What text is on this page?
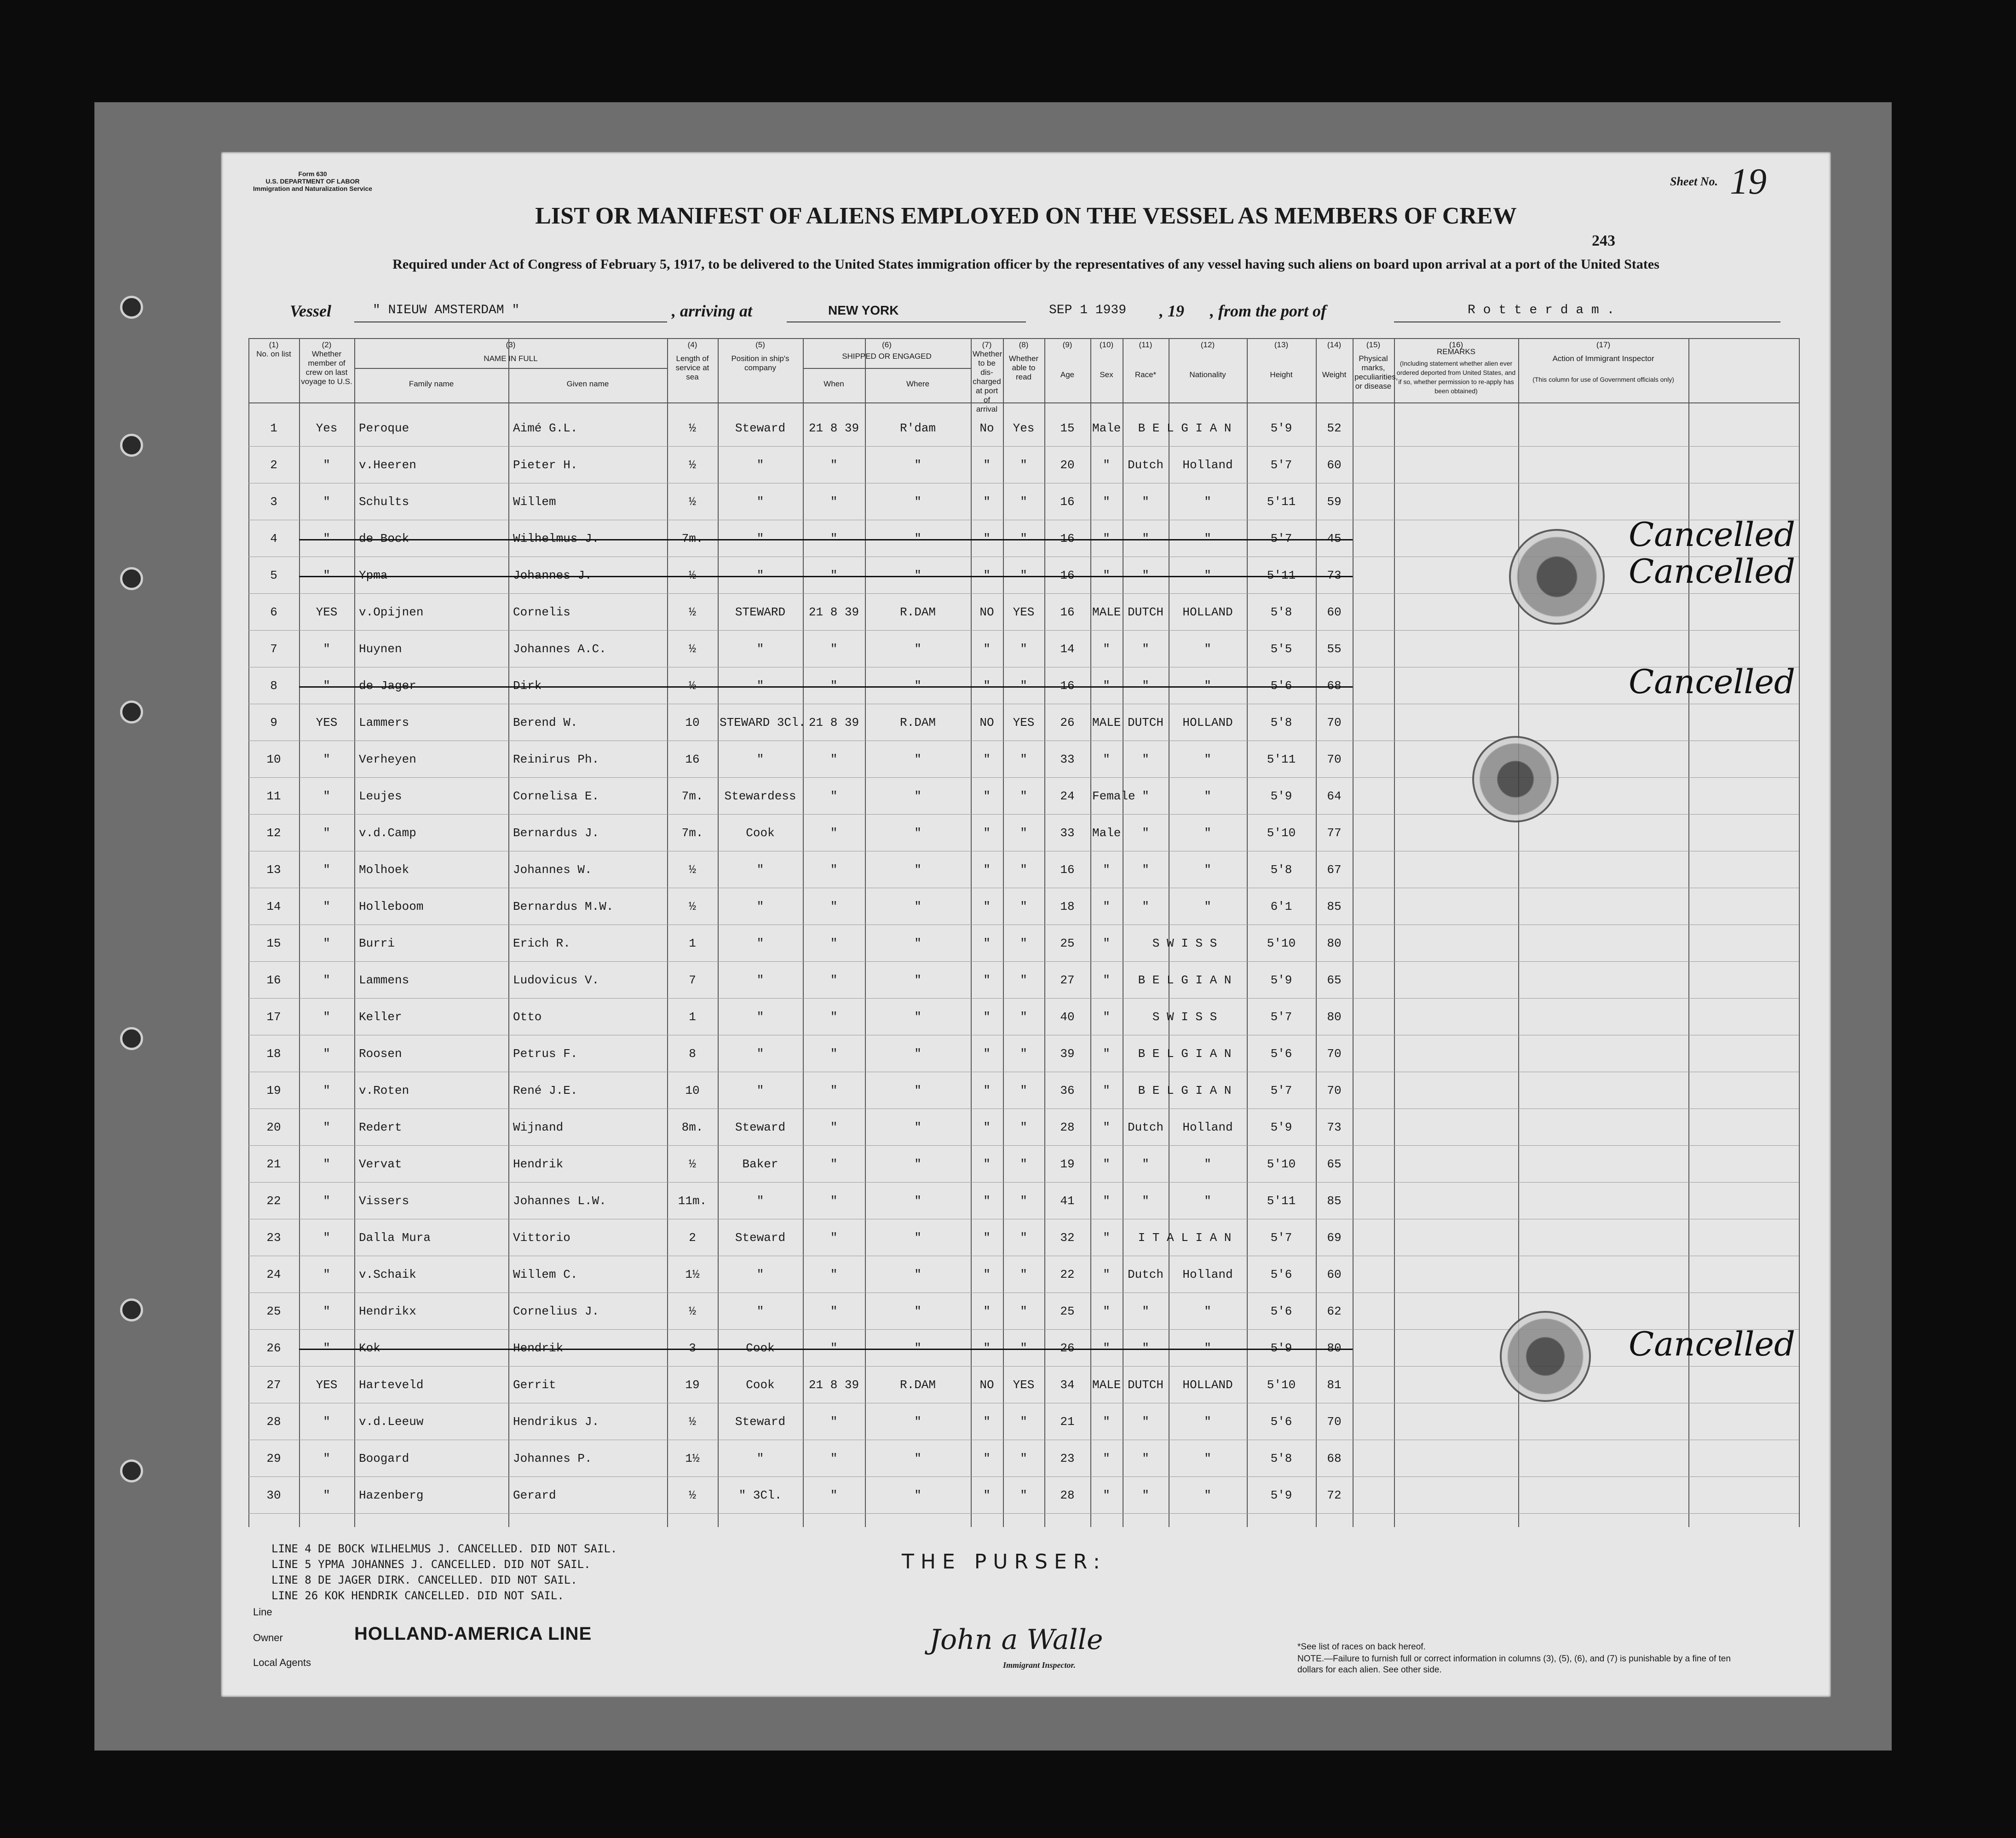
Form 630
U.S. DEPARTMENT OF LABOR
Immigration and Naturalization Service
Sheet No. 19
LIST OR MANIFEST OF ALIENS EMPLOYED ON THE VESSEL AS MEMBERS OF CREW
243
Required under Act of Congress of February 5, 1917, to be delivered to the United States immigration officer by the representatives of any vessel having such aliens on board upon arrival at a port of the United States
Vessel	" NIEUW AMSTERDAM "	, arriving at	NEW YORK	SEP 1 1939 , 19 , from the port of	R o t t e r d a m .
(1)	(2)	(3)	(4)	(5)	(6)	(7)	(8)	(9)	(10)	(11)	(12)	(13)	(14)	(15)	(16)	(17)
No. on list	Whether member of crew on last voyage to U.S.
NAME IN FULL
Family name	Given name
Length of service at sea
Position in ship's company
SHIPPED OR ENGAGED
When	Where
Whether to be dis-charged at port of arrival
Whether able to read	Age	Sex	Race*	Nationality	Height	Weight
Physical marks, peculiarities, or disease
REMARKS
(Including statement whether alien ever ordered deported from United States, and if so, whether permission to re-apply has been obtained)
Action of Immigrant Inspector
(This column for use of Government officials only)
1	Yes	Peroque	Aimé G.L.	½	Steward	21 8 39	R'dam	No	Yes	15	Male	B E L G I A N	5'9	52
2	"	v.Heeren	Pieter H.	½	"	"	"	"	"	20	"	Dutch	Holland	5'7	60
3	"	Schults	Willem	½	"	"	"	"	"	16	"	"	"	5'11	59
4	"	de Bock	Wilhelmus J.	7m.	"	"	"	"	"	16	"	"	"	5'7	45
5	"	Ypma	Johannes J.	½	"	"	"	"	"	16	"	"	"	5'11	73
6	YES	v.Opijnen	Cornelis	½	STEWARD	21 8 39	R.DAM	NO	YES	16	MALE DUTCH	HOLLAND	5'8	60
7	"	Huynen	Johannes A.C.	½	"	"	"	"	"	14	"	"	"	5'5	55
8	"	de Jager	Dirk	½	"	"	"	"	"	16	"	"	"	5'6	68
9	YES	Lammers	Berend W.	10	STEWARD 3Cl. 21 8 39	R.DAM	NO	YES	26	MALE DUTCH	HOLLAND	5'8	70
10	"	Verheyen	Reinirus Ph.	16	"	"	"	"	"	33	"	"	"	5'11	70
11	"	Leujes	Cornelisa E.	7m.	Stewardess	"	"	"	"	24	Female "	"	5'9	64
12	"	v.d.Camp	Bernardus J.	7m.	Cook	"	"	"	"	33	Male	"	"	5'10	77
13	"	Molhoek	Johannes W.	½	"	"	"	"	"	16	"	"	"	5'8	67
14	"	Holleboom	Bernardus M.W.	½	"	"	"	"	"	18	"	"	"	6'1	85
15	"	Burri	Erich R.	1	"	"	"	"	"	25	"	S W I S S	5'10	80
16	"	Lammens	Ludovicus V.	7	"	"	"	"	"	27	"	B E L G I A N	5'9	65
17	"	Keller	Otto	1	"	"	"	"	"	40	"	S W I S S	5'7	80
18	"	Roosen	Petrus F.	8	"	"	"	"	"	39	"	B E L G I A N	5'6	70
19	"	v.Roten	René J.E.	10	"	"	"	"	"	36	"	B E L G I A N	5'7	70
20	"	Redert	Wijnand	8m.	Steward	"	"	"	"	28	"	Dutch	Holland	5'9	73
21	"	Vervat	Hendrik	½	Baker	"	"	"	"	19	"	"	"	5'10	65
22	"	Vissers	Johannes L.W.	11m.	"	"	"	"	"	41	"	"	"	5'11	85
23	"	Dalla Mura	Vittorio	2	Steward	"	"	"	"	32	"	I T A L I A N	5'7	69
24	"	v.Schaik	Willem C.	1½	"	"	"	"	"	22	"	Dutch	Holland	5'6	60
25	"	Hendrikx	Cornelius J.	½	"	"	"	"	"	25	"	"	"	5'6	62
26	"	Kok	Hendrik	3	Cook	"	"	"	"	26	"	"	"	5'9	80
27	YES	Harteveld	Gerrit	19	Cook	21 8 39	R.DAM	NO	YES	34	MALE DUTCH	HOLLAND	5'10	81
28	"	v.d.Leeuw	Hendrikus J.	½	Steward	"	"	"	"	21	"	"	"	5'6	70
29	"	Boogard	Johannes P.	1½	"	"	"	"	"	23	"	"	"	5'8	68
30	"	Hazenberg	Gerard	½	" 3Cl.	"	"	"	"	28	"	"	"	5'9	72
Cancelled
Cancelled
Cancelled
Cancelled
LINE 4 DE BOCK WILHELMUS J. CANCELLED. DID NOT SAIL.
LINE 5 YPMA JOHANNES J. CANCELLED. DID NOT SAIL.
LINE 8 DE JAGER DIRK. CANCELLED. DID NOT SAIL.
LINE 26 KOK HENDRIK CANCELLED. DID NOT SAIL.
THE PURSER:
Line
Owner
Local Agents
HOLLAND-AMERICA LINE	John a Walle
Immigrant Inspector.
*See list of races on back hereof.
NOTE.—Failure to furnish full or correct information in columns (3), (5), (6), and (7) is punishable by a fine of ten dollars for each alien. See other side.
